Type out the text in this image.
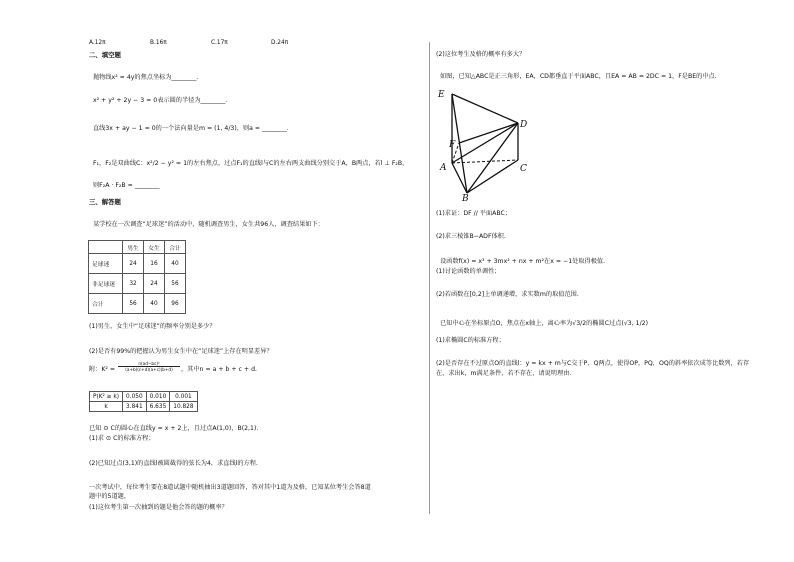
A.12π	B.16π	C.17π	D.24π
二、填空题
抛物线x² = 4y的焦点坐标为________.
x² + y² + 2y − 3 = 0表示圆的半径为________.
直线3x + ay − 1 = 0的一个法向量是m = (1, 4/3)，则a = ________.
F₁，F₂是双曲线C：x²/2 − y² = 1的左右焦点，过点F₁的直线l与C的左右两支曲线分别交于A，B两点，若l ⊥ F₂B，
则F₂A · F₂B = ________
三、解答题
某学校在一次调查“足球迷”的活动中，随机调查男生，女生共96人，调查结果如下：
	男生	女生	合计
足球迷	24	16	40
非足球迷	32	24	56
合计	56	40	96
(1)男生、女生中“足球迷”的频率分别是多少？
(2)是否有99%的把握认为男生女生中在“足球迷”上存在明显差异？
附：$K^2 = \frac{\text{n(ad−bc)²}}{(a+b)(c+d)(a+c)(b+d)}$ ，其中n = a + b + c + d.
P(K² ≥ k)	0.050	0.010	0.001
k	3.841	6.635	10.828
已知 ⊙ C的圆心在直线y = x + 2上，且过点A(1,0)，B(2,1).
(1)求 ⊙ C的标准方程；
(2)已知过点(3,1)的直线l被圆截得的弦长为4，求直线l的方程.
一次考试中，每位考生要在8道试题中随机抽出3道题回答，答对其中1道为及格，已知某位考生会答8道
题中的5道题，
(1)这位考生第一次抽到的题是他会答的题的概率？
(2)这位考生及格的概率有多大？
如图，已知△ABC是正三角形，EA，CD都垂直于平面ABC，且EA = AB = 2DC = 1，F是BE的中点.
E
F
A
D
C
B
(1)求证：DF // 平面ABC；
(2)求三棱锥B−ADF体积.
设函数f(x) = x³ + 3mx² + nx + m²在x = −1处取得极值.
(1)讨论函数的单调性；
(2)若函数在[0,2]上单调递增，求实数m的取值范围.
已知中心在坐标原点O，焦点在x轴上，离心率为√3/2的椭圆C过点(√3, 1/2)
(1)求椭圆C的标准方程；
(2)是否存在不过原点O的直线l：y = kx + m与C交于P、Q两点，使得OP，PQ，OQ的斜率依次成等比数列，若存
在，求出k，m满足条件，若不存在，请说明理由.
